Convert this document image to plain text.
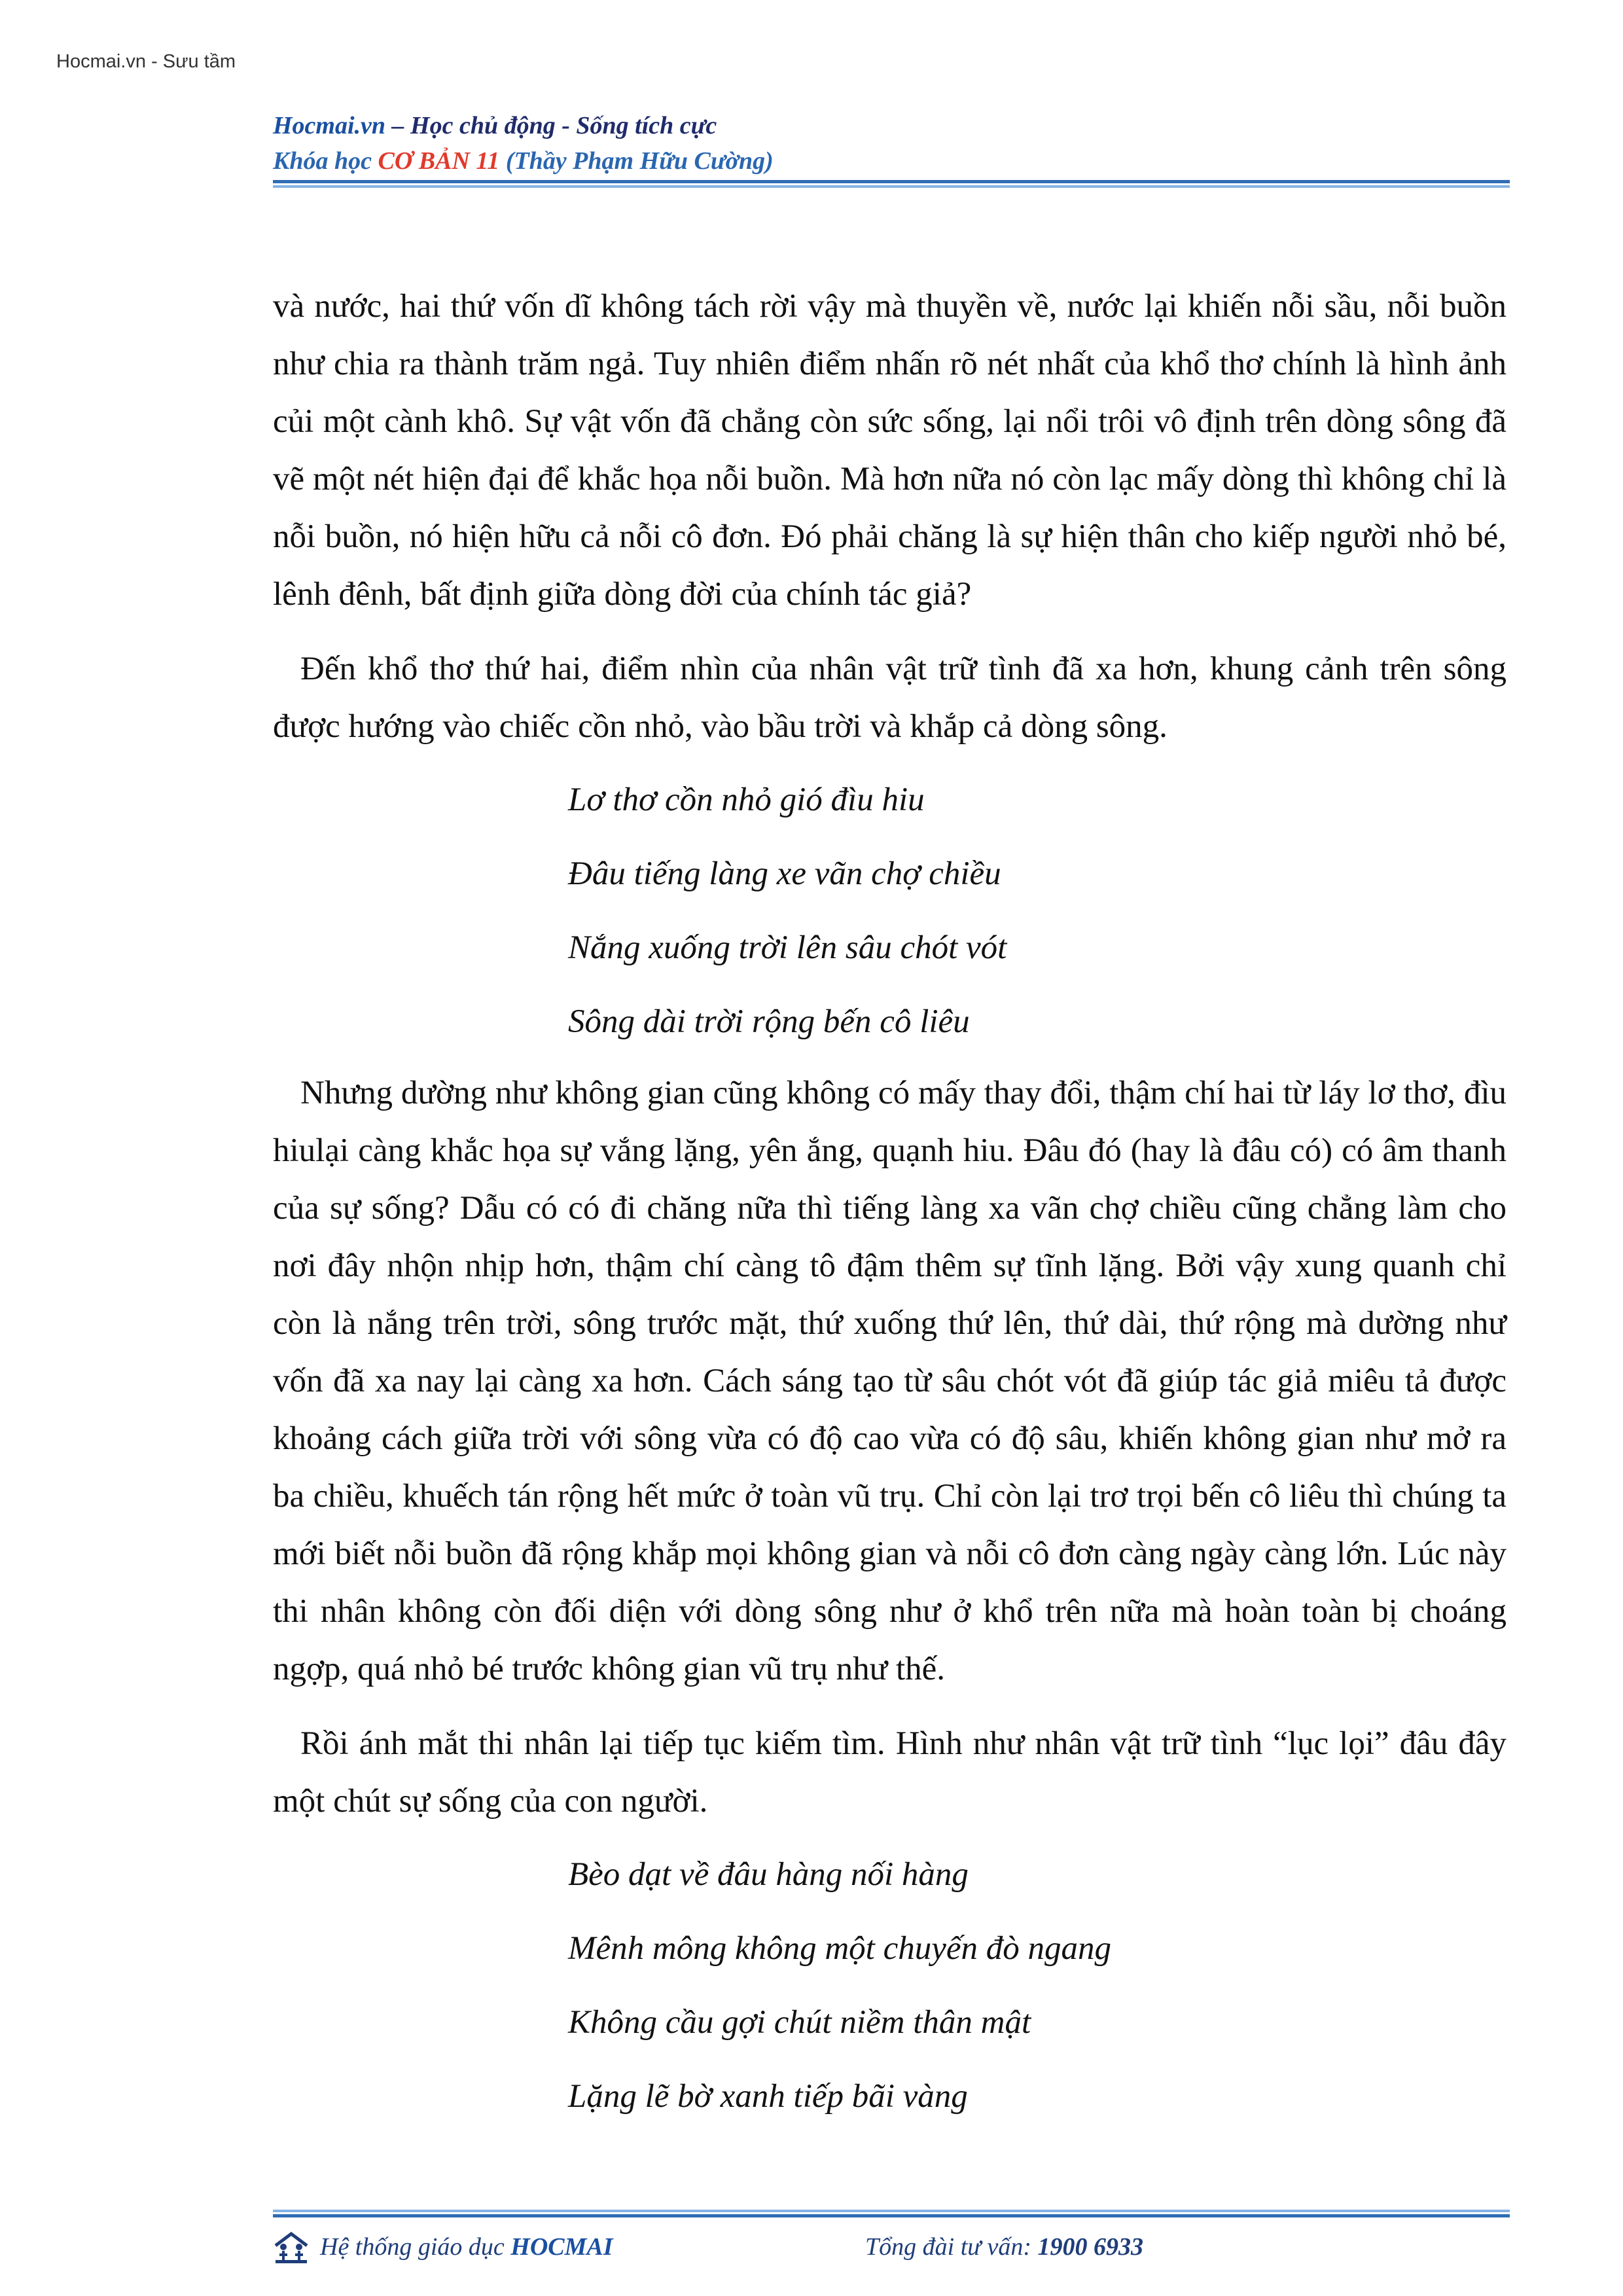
Hocmai.vn - Sưu tầm
Hocmai.vn – Học chủ động - Sống tích cực
Khóa học CƠ BẢN 11 (Thầy Phạm Hữu Cường)

và nước, hai thứ vốn dĩ không tách rời vậy mà thuyền về, nước lại khiến nỗi sầu, nỗi buồn như chia ra thành trăm ngả. Tuy nhiên điểm nhấn rõ nét nhất của khổ thơ chính là hình ảnh củi một cành khô. Sự vật vốn đã chẳng còn sức sống, lại nổi trôi vô định trên dòng sông đã vẽ một nét hiện đại để khắc họa nỗi buồn. Mà hơn nữa nó còn lạc mấy dòng thì không chỉ là nỗi buồn, nó hiện hữu cả nỗi cô đơn. Đó phải chăng là sự hiện thân cho kiếp người nhỏ bé, lênh đênh, bất định giữa dòng đời của chính tác giả?

Đến khổ thơ thứ hai, điểm nhìn của nhân vật trữ tình đã xa hơn, khung cảnh trên sông được hướng vào chiếc cồn nhỏ, vào bầu trời và khắp cả dòng sông.

Lơ thơ cồn nhỏ gió đìu hiu
Đâu tiếng làng xe vãn chợ chiều
Nắng xuống trời lên sâu chót vót
Sông dài trời rộng bến cô liêu

Nhưng dường như không gian cũng không có mấy thay đổi, thậm chí hai từ láy lơ thơ, đìu hiulại càng khắc họa sự vắng lặng, yên ắng, quạnh hiu. Đâu đó (hay là đâu có) có âm thanh của sự sống? Dẫu có có đi chăng nữa thì tiếng làng xa vãn chợ chiều cũng chẳng làm cho nơi đây nhộn nhịp hơn, thậm chí càng tô đậm thêm sự tĩnh lặng. Bởi vậy xung quanh chỉ còn là nắng trên trời, sông trước mặt, thứ xuống thứ lên, thứ dài, thứ rộng mà dường như vốn đã xa nay lại càng xa hơn. Cách sáng tạo từ sâu chót vót đã giúp tác giả miêu tả được khoảng cách giữa trời với sông vừa có độ cao vừa có độ sâu, khiến không gian như mở ra ba chiều, khuếch tán rộng hết mức ở toàn vũ trụ. Chỉ còn lại trơ trọi bến cô liêu thì chúng ta mới biết nỗi buồn đã rộng khắp mọi không gian và nỗi cô đơn càng ngày càng lớn. Lúc này thi nhân không còn đối diện với dòng sông như ở khổ trên nữa mà hoàn toàn bị choáng ngợp, quá nhỏ bé trước không gian vũ trụ như thế.

Rồi ánh mắt thi nhân lại tiếp tục kiếm tìm. Hình như nhân vật trữ tình “lục lọi” đâu đây một chút sự sống của con người.

Bèo dạt về đâu hàng nối hàng
Mênh mông không một chuyến đò ngang
Không cầu gợi chút niềm thân mật
Lặng lẽ bờ xanh tiếp bãi vàng
Hệ thống giáo dục HOCMAI	Tổng đài tư vấn: 1900 6933
